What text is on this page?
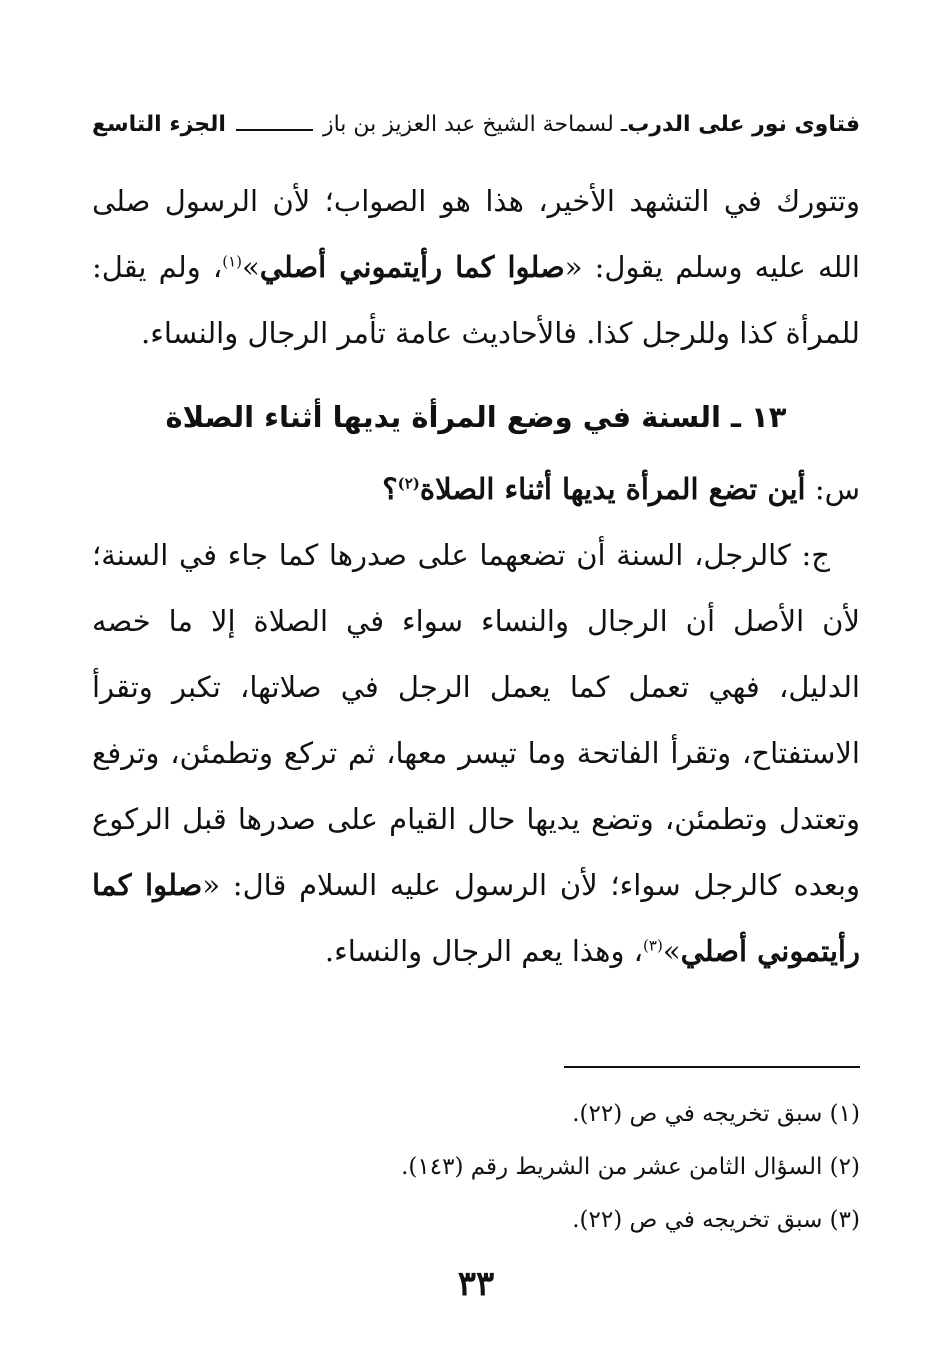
فتاوى نور على الدرب
ـ لسماحة الشيخ عبد العزيز بن باز
الجزء التاسع

وتتورك في التشهد الأخير، هذا هو الصواب؛ لأن الرسول صلى الله عليه وسلم يقول: «صلوا كما رأيتموني أصلي»$^{(١)}$، ولم يقل: للمرأة كذا وللرجل كذا. فالأحاديث عامة تأمر الرجال والنساء.

١٣ ـ السنة في وضع المرأة يديها أثناء الصلاة

س: أين تضع المرأة يديها أثناء الصلاة$^{(٢)}$؟

ج: كالرجل، السنة أن تضعهما على صدرها كما جاء في السنة؛ لأن الأصل أن الرجال والنساء سواء في الصلاة إلا ما خصه الدليل، فهي تعمل كما يعمل الرجل في صلاتها، تكبر وتقرأ الاستفتاح، وتقرأ الفاتحة وما تيسر معها، ثم تركع وتطمئن، وترفع وتعتدل وتطمئن، وتضع يديها حال القيام على صدرها قبل الركوع وبعده كالرجل سواء؛ لأن الرسول عليه السلام قال: «صلوا كما رأيتموني أصلي»$^{(٣)}$، وهذا يعم الرجال والنساء.

(١) سبق تخريجه في ص (٢٢).
(٢) السؤال الثامن عشر من الشريط رقم (١٤٣).
(٣) سبق تخريجه في ص (٢٢).
٣٣
